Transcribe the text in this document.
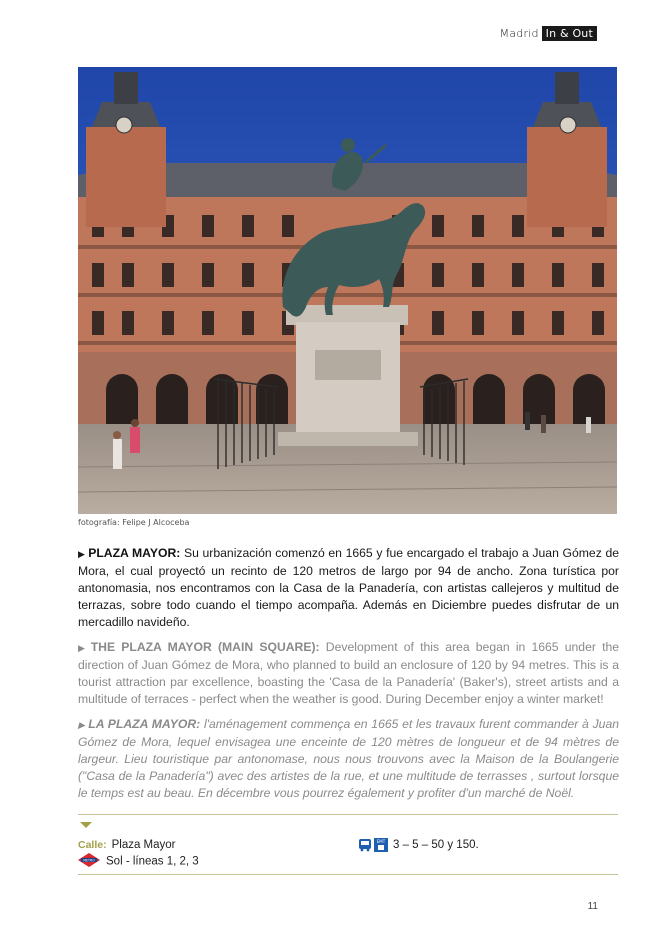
Madrid In & Out
fotografía: Felipe J Alcoceba
▶ PLAZA MAYOR: Su urbanización comenzó en 1665 y fue encargado el trabajo a Juan Gómez de Mora, el cual proyectó un recinto de 120 metros de largo por 94 de ancho. Zona turística por antonomasia, nos encontramos con la Casa de la Panadería, con artistas callejeros y multitud de terrazas, sobre todo cuando el tiempo acompaña. Además en Diciembre puedes disfrutar de un mercadillo navideño.
▶ THE PLAZA MAYOR (MAIN SQUARE): Development of this area began in 1665 under the direction of Juan Gómez de Mora, who planned to build an enclosure of 120 by 94 metres. This is a tourist attraction par excellence, boasting the 'Casa de la Panadería' (Baker's), street artists and a multitude of terraces - perfect when the weather is good. During December enjoy a winter market!
▶ LA PLAZA MAYOR: l'aménagement commença en 1665 et les travaux furent commander à Juan Gómez de Mora, lequel envisagea une enceinte de 120 mètres de longueur et de 94 mètres de largeur. Lieu touristique par antonomase, nous nous trouvons avec la Maison de la Boulangerie ("Casa de la Panadería") avec des artistes de la rue, et une multitude de terrasses , surtout lorsque le temps est au beau. En décembre vous pourrez également y profiter d'un marché de Noël.
Calle: Plaza Mayor
METRO Sol - líneas 1, 2, 3
EMT 3 – 5 – 50 y 150.
11
